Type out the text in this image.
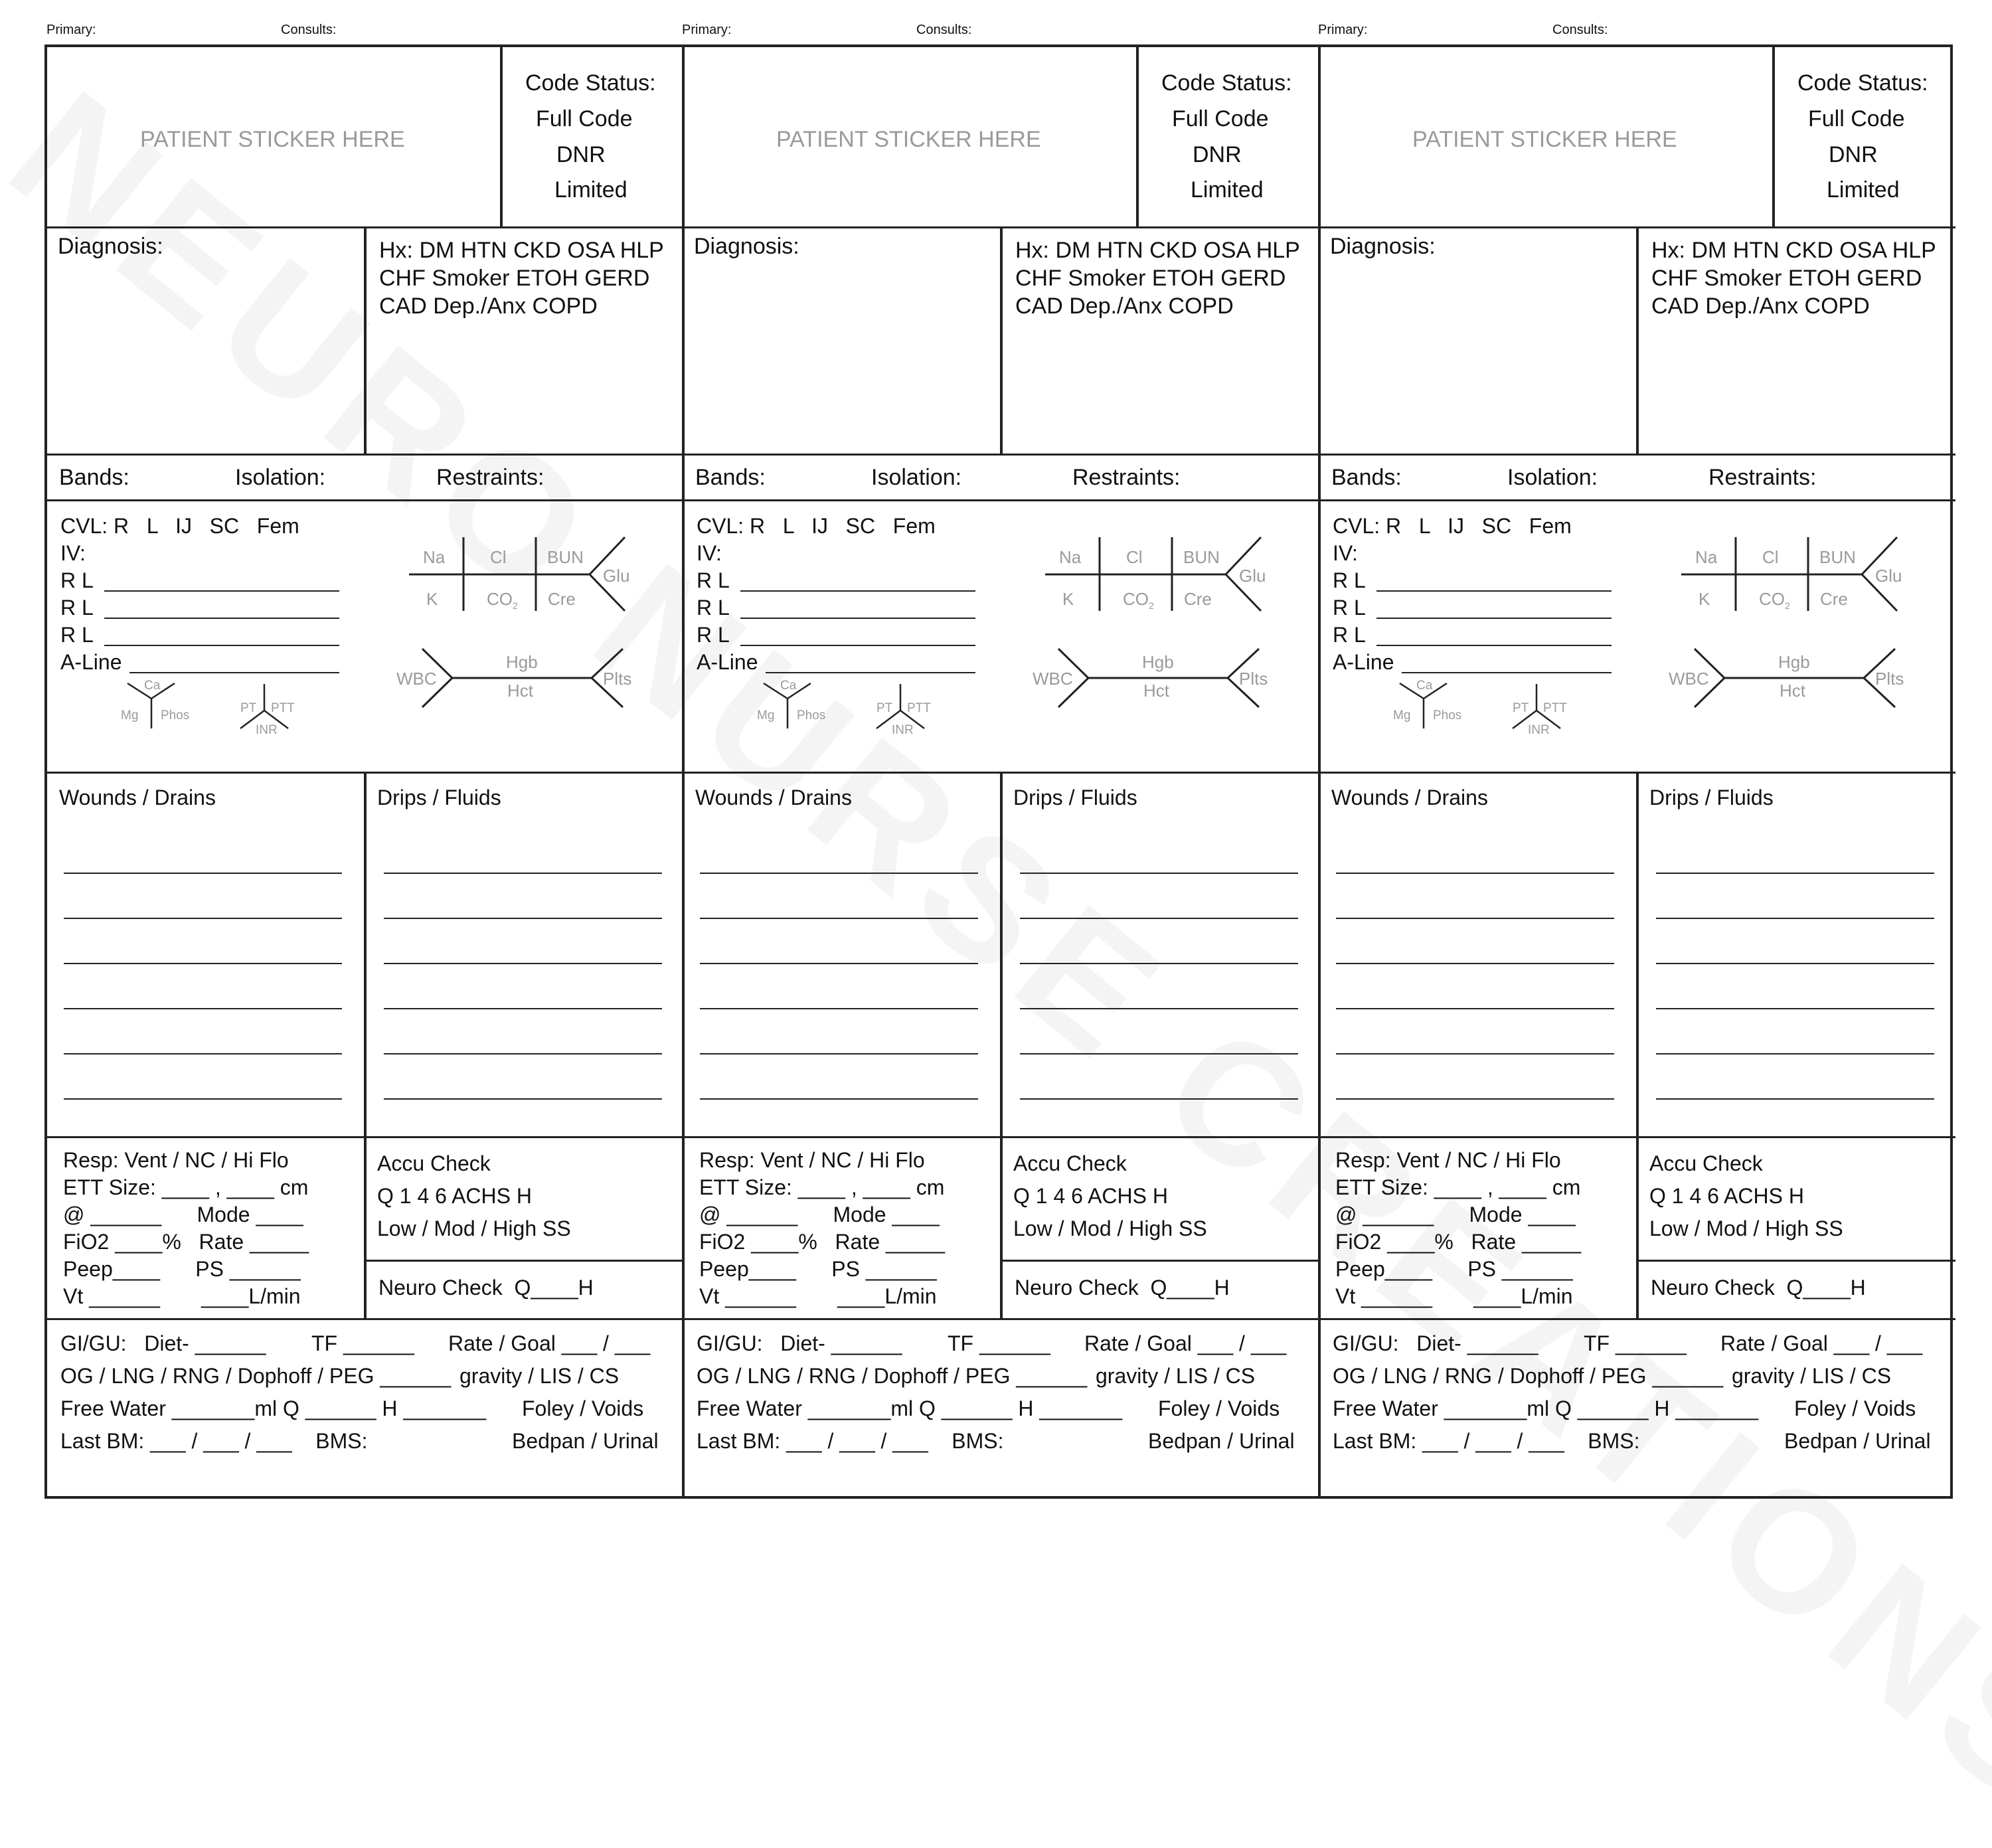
Primary:	Consults:	Primary:	Consults:	Primary:	Consults:
PATIENT STICKER HERE
Code Status:
Full Code
DNR
Limited
Diagnosis:	Hx: DM HTN CKD OSA HLP
CHF Smoker ETOH GERD
CAD Dep./Anx COPD
Bands:	Isolation:	Restraints:
CVL: R   L   IJ   SC   Fem
IV:
R L
R L
R L
A-Line
Na	Cl BUN
Glu
K	CO 2 Cre
Hgb
Hct
WBC	Plts
Ca
Mg Phos
PT PTT
INR
Wounds / Drains	Drips / Fluids
Resp: Vent / NC / Hi Flo
ETT Size: ____ , ____ cm
@ ______      Mode ____
FiO2 ____%   Rate _____
Peep____      PS ______
Vt ______       ____L/min
Accu Check
Q 1 4 6 ACHS H
Low / Mod / High SS
Neuro Check  Q____H
GI/GU:   Diet- ______ TF ______ Rate / Goal ___ / ___
OG / LNG / RNG / Dophoff / PEG ______ gravity / LIS / CS
Free Water _______ml Q ______ H _______ Foley / Voids
Last BM: ___ / ___ / ___    BMS:	Bedpan / Urinal
PATIENT STICKER HERE
Code Status:
Full Code
DNR
Limited
Diagnosis:	Hx: DM HTN CKD OSA HLP
CHF Smoker ETOH GERD
CAD Dep./Anx COPD
Bands:	Isolation:	Restraints:
CVL: R   L   IJ   SC   Fem
IV:
R L
R L
R L
A-Line
Na	Cl BUN
Glu
K	CO 2 Cre
Hgb
Hct
WBC	Plts
Ca
Mg Phos
PT PTT
INR
Wounds / Drains	Drips / Fluids
Resp: Vent / NC / Hi Flo
ETT Size: ____ , ____ cm
@ ______      Mode ____
FiO2 ____%   Rate _____
Peep____      PS ______
Vt ______       ____L/min
Accu Check
Q 1 4 6 ACHS H
Low / Mod / High SS
Neuro Check  Q____H
GI/GU:   Diet- ______ TF ______ Rate / Goal ___ / ___
OG / LNG / RNG / Dophoff / PEG ______ gravity / LIS / CS
Free Water _______ml Q ______ H _______ Foley / Voids
Last BM: ___ / ___ / ___    BMS:	Bedpan / Urinal
PATIENT STICKER HERE
Code Status:
Full Code
DNR
Limited
Diagnosis:	Hx: DM HTN CKD OSA HLP
CHF Smoker ETOH GERD
CAD Dep./Anx COPD
Bands:	Isolation:	Restraints:
CVL: R   L   IJ   SC   Fem
IV:
R L
R L
R L
A-Line
Na	Cl BUN
Glu
K	CO 2 Cre
Hgb
Hct
WBC	Plts
Ca
Mg Phos
PT PTT
INR
Wounds / Drains	Drips / Fluids
Resp: Vent / NC / Hi Flo
ETT Size: ____ , ____ cm
@ ______      Mode ____
FiO2 ____%   Rate _____
Peep____      PS ______
Vt ______       ____L/min
Accu Check
Q 1 4 6 ACHS H
Low / Mod / High SS
Neuro Check  Q____H
GI/GU:   Diet- ______ TF ______ Rate / Goal ___ / ___
OG / LNG / RNG / Dophoff / PEG ______ gravity / LIS / CS
Free Water _______ml Q ______ H _______ Foley / Voids
Last BM: ___ / ___ / ___    BMS:	Bedpan / Urinal
